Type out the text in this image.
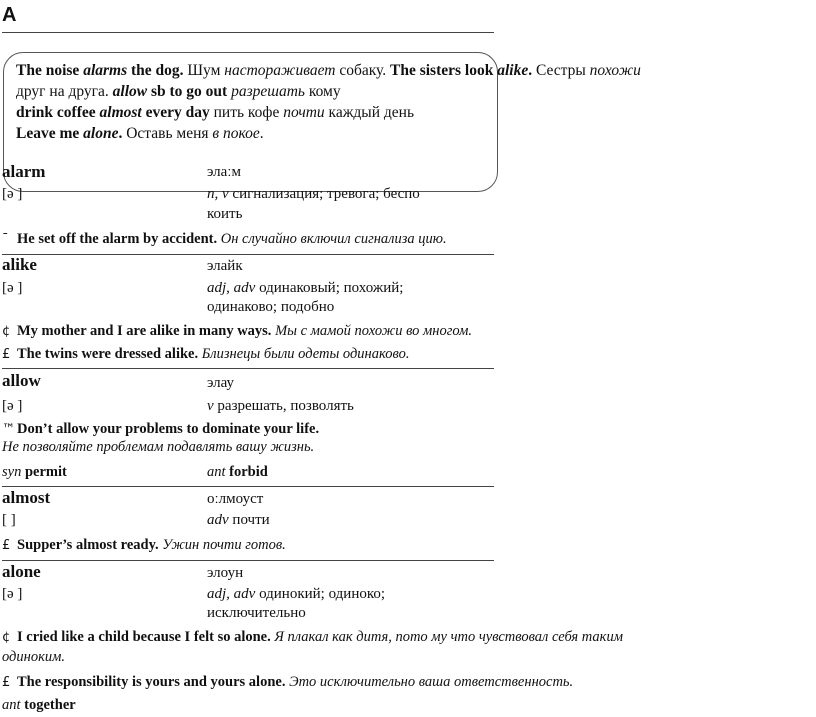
A
The noise alarms the dog. Шум настораживает собаку. The sisters look alike. Сестры похожи
друг на друга. allow sb to go out разрешать кому
drink coffee almost every day пить кофе почти каждый день
Leave me alone. Оставь меня в покое.
alarm	элаːм
[ə ]	n, v сигнализация; тревога; беспо
коить
ˉ He set off the alarm by accident. Он случайно включил сигнализа цию.
alike	элайк
[ə ]	adj, adv одинаковый; похожий;
одинаково; подобно
¢ My mother and I are alike in many ways. Мы с мамой похожи во многом.
£ The twins were dressed alike. Близнецы были одеты одинаково.
allow	элау
[ə ]	v разрешать, позволять
™ Don’t allow your problems to dominate your life.
Не позволяйте проблемам подавлять вашу жизнь.
syn permit	ant forbid
almost	оːлмоуст
[ ]	adv почти
£ Supper’s almost ready. Ужин почти готов.
alone	элоун
[ə ]	adj, adv одинокий; одиноко;
исключительно
¢ I cried like a child because I felt so alone. Я плакал как дитя, пото му что чувствовал себя таким
одиноким.
£ The responsibility is yours and yours alone. Это исключительно ваша ответственность.
ant together
